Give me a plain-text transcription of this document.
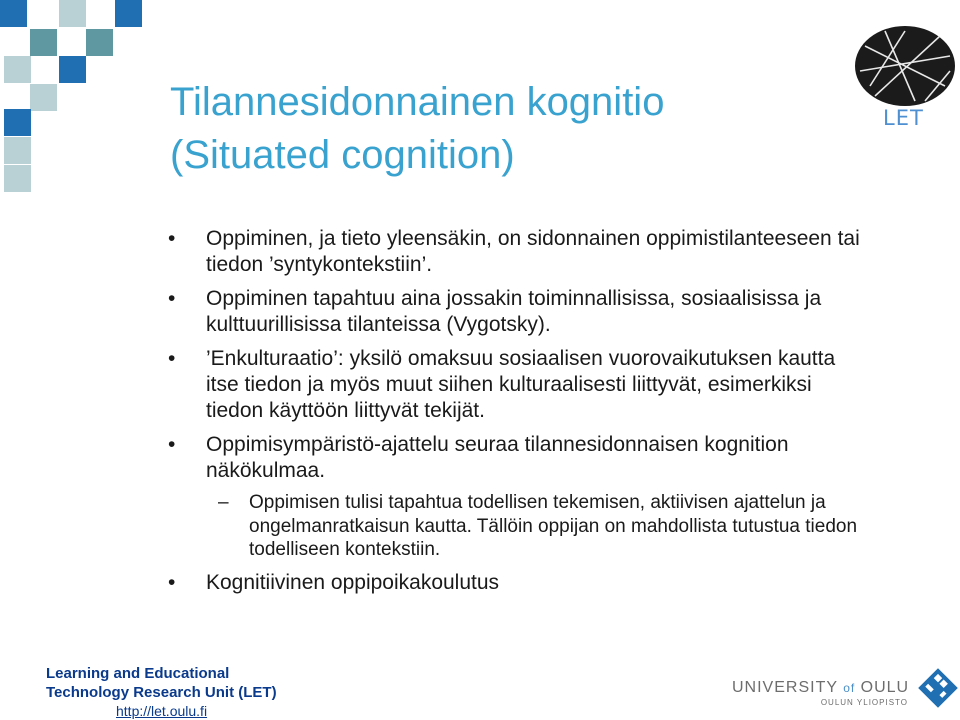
LET
Tilannesidonnainen kognitio
(Situated cognition)
•	Oppiminen, ja tieto yleensäkin, on sidonnainen oppimistilanteeseen tai tiedon ’syntykontekstiin’.
•	Oppiminen tapahtuu aina jossakin toiminnallisissa, sosiaalisissa ja kulttuurillisissa tilanteissa (Vygotsky).
•	’Enkulturaatio’: yksilö omaksuu sosiaalisen vuorovaikutuksen kautta itse tiedon ja myös muut siihen kulturaalisesti liittyvät, esimerkiksi tiedon käyttöön liittyvät tekijät.
•	Oppimisympäristö-ajattelu seuraa tilannesidonnaisen kognition näkökulmaa.
– Oppimisen tulisi tapahtua todellisen tekemisen, aktiivisen ajattelun ja ongelmanratkaisun kautta. Tällöin oppijan on mahdollista tutustua tiedon todelliseen kontekstiin.
•	Kognitiivinen oppipoikakoulutus
Learning and Educational
Technology Research Unit (LET)
http://let.oulu.fi
UNIVERSITY of OULU
OULUN YLIOPISTO
